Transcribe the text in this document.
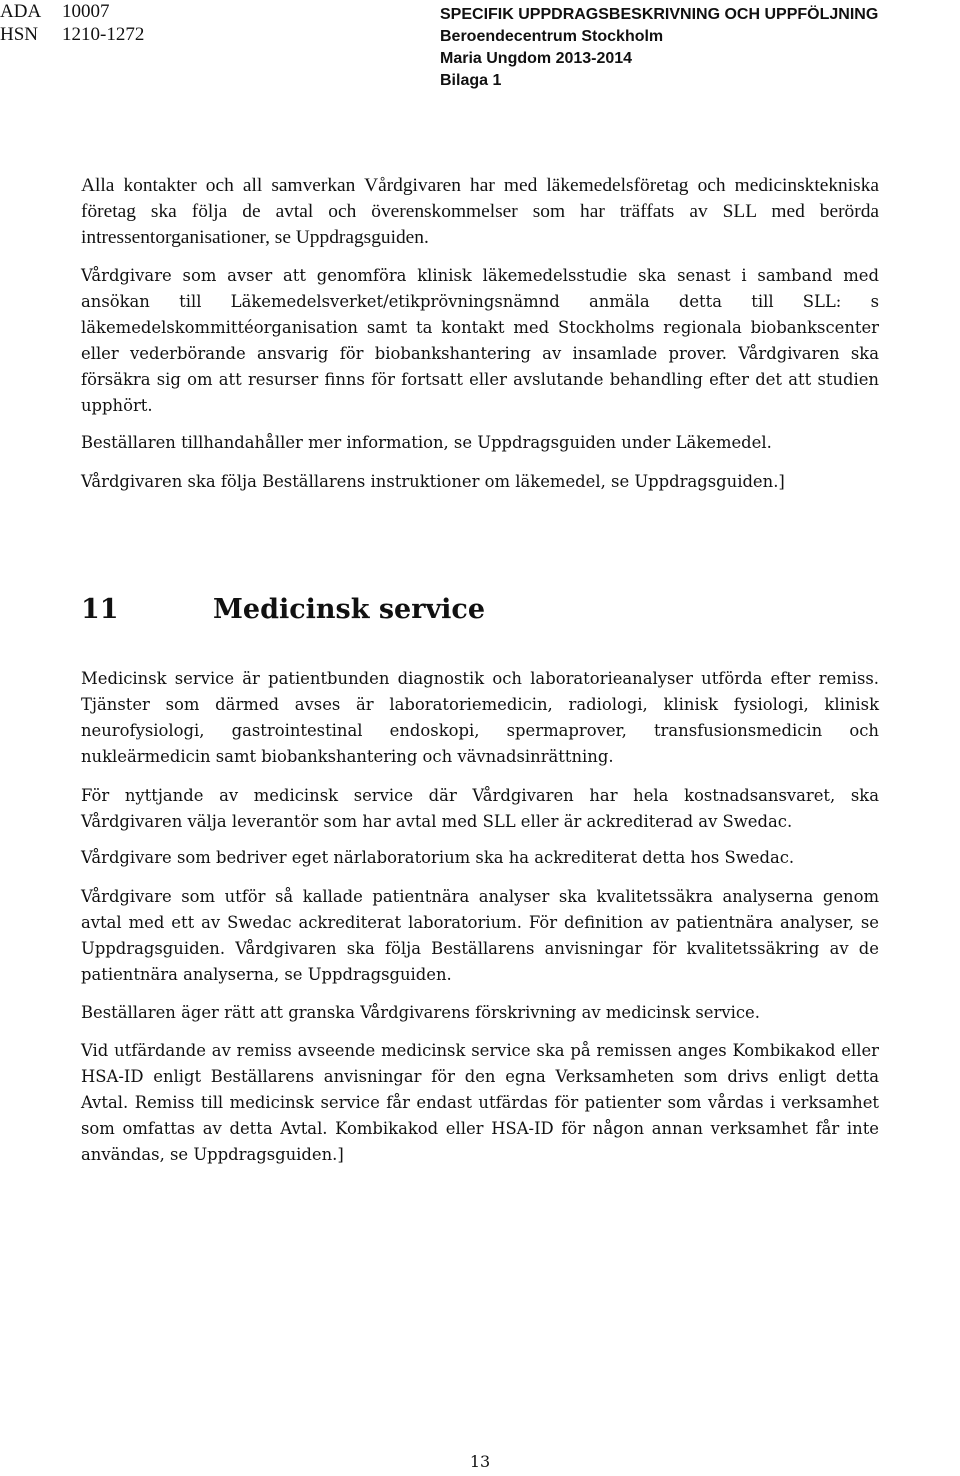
ADA 10007
HSN 1210-1272
SPECIFIK UPPDRAGSBESKRIVNING OCH UPPFÖLJNING
Beroendecentrum Stockholm
Maria Ungdom 2013-2014
Bilaga 1

Alla kontakter och all samverkan Vårdgivaren har med läkemedelsföretag och medicinsktekniska företag ska följa de avtal och överenskommelser som har träffats av SLL med berörda intressentorganisationer, se Uppdragsguiden.

Vårdgivare som avser att genomföra klinisk läkemedelsstudie ska senast i samband med ansökan till Läkemedelsverket/etikprövningsnämnd anmäla detta till SLL: s läkemedelskommittéorganisation samt ta kontakt med Stockholms regionala biobankscenter eller vederbörande ansvarig för biobankshantering av insamlade prover. Vårdgivaren ska försäkra sig om att resurser finns för fortsatt eller avslutande behandling efter det att studien upphört.

Beställaren tillhandahåller mer information, se Uppdragsguiden under Läkemedel.

Vårdgivaren ska följa Beställarens instruktioner om läkemedel, se Uppdragsguiden.]

11	Medicinsk service

Medicinsk service är patientbunden diagnostik och laboratorieanalyser utförda efter remiss. Tjänster som därmed avses är laboratoriemedicin, radiologi, klinisk fysiologi, klinisk neurofysiologi, gastrointestinal endoskopi, spermaprover, transfusionsmedicin och nukleärmedicin samt biobankshantering och vävnadsinrättning.

För nyttjande av medicinsk service där Vårdgivaren har hela kostnadsansvaret, ska Vårdgivaren välja leverantör som har avtal med SLL eller är ackrediterad av Swedac.

Vårdgivare som bedriver eget närlaboratorium ska ha ackrediterat detta hos Swedac.

Vårdgivare som utför så kallade patientnära analyser ska kvalitetssäkra analyserna genom avtal med ett av Swedac ackrediterat laboratorium. För definition av patientnära analyser, se Uppdragsguiden. Vårdgivaren ska följa Beställarens anvisningar för kvalitetssäkring av de patientnära analyserna, se Uppdragsguiden.

Beställaren äger rätt att granska Vårdgivarens förskrivning av medicinsk service.

Vid utfärdande av remiss avseende medicinsk service ska på remissen anges Kombikakod eller HSA-ID enligt Beställarens anvisningar för den egna Verksamheten som drivs enligt detta Avtal. Remiss till medicinsk service får endast utfärdas för patienter som vårdas i verksamhet som omfattas av detta Avtal. Kombikakod eller HSA-ID för någon annan verksamhet får inte användas, se Uppdragsguiden.]

13
